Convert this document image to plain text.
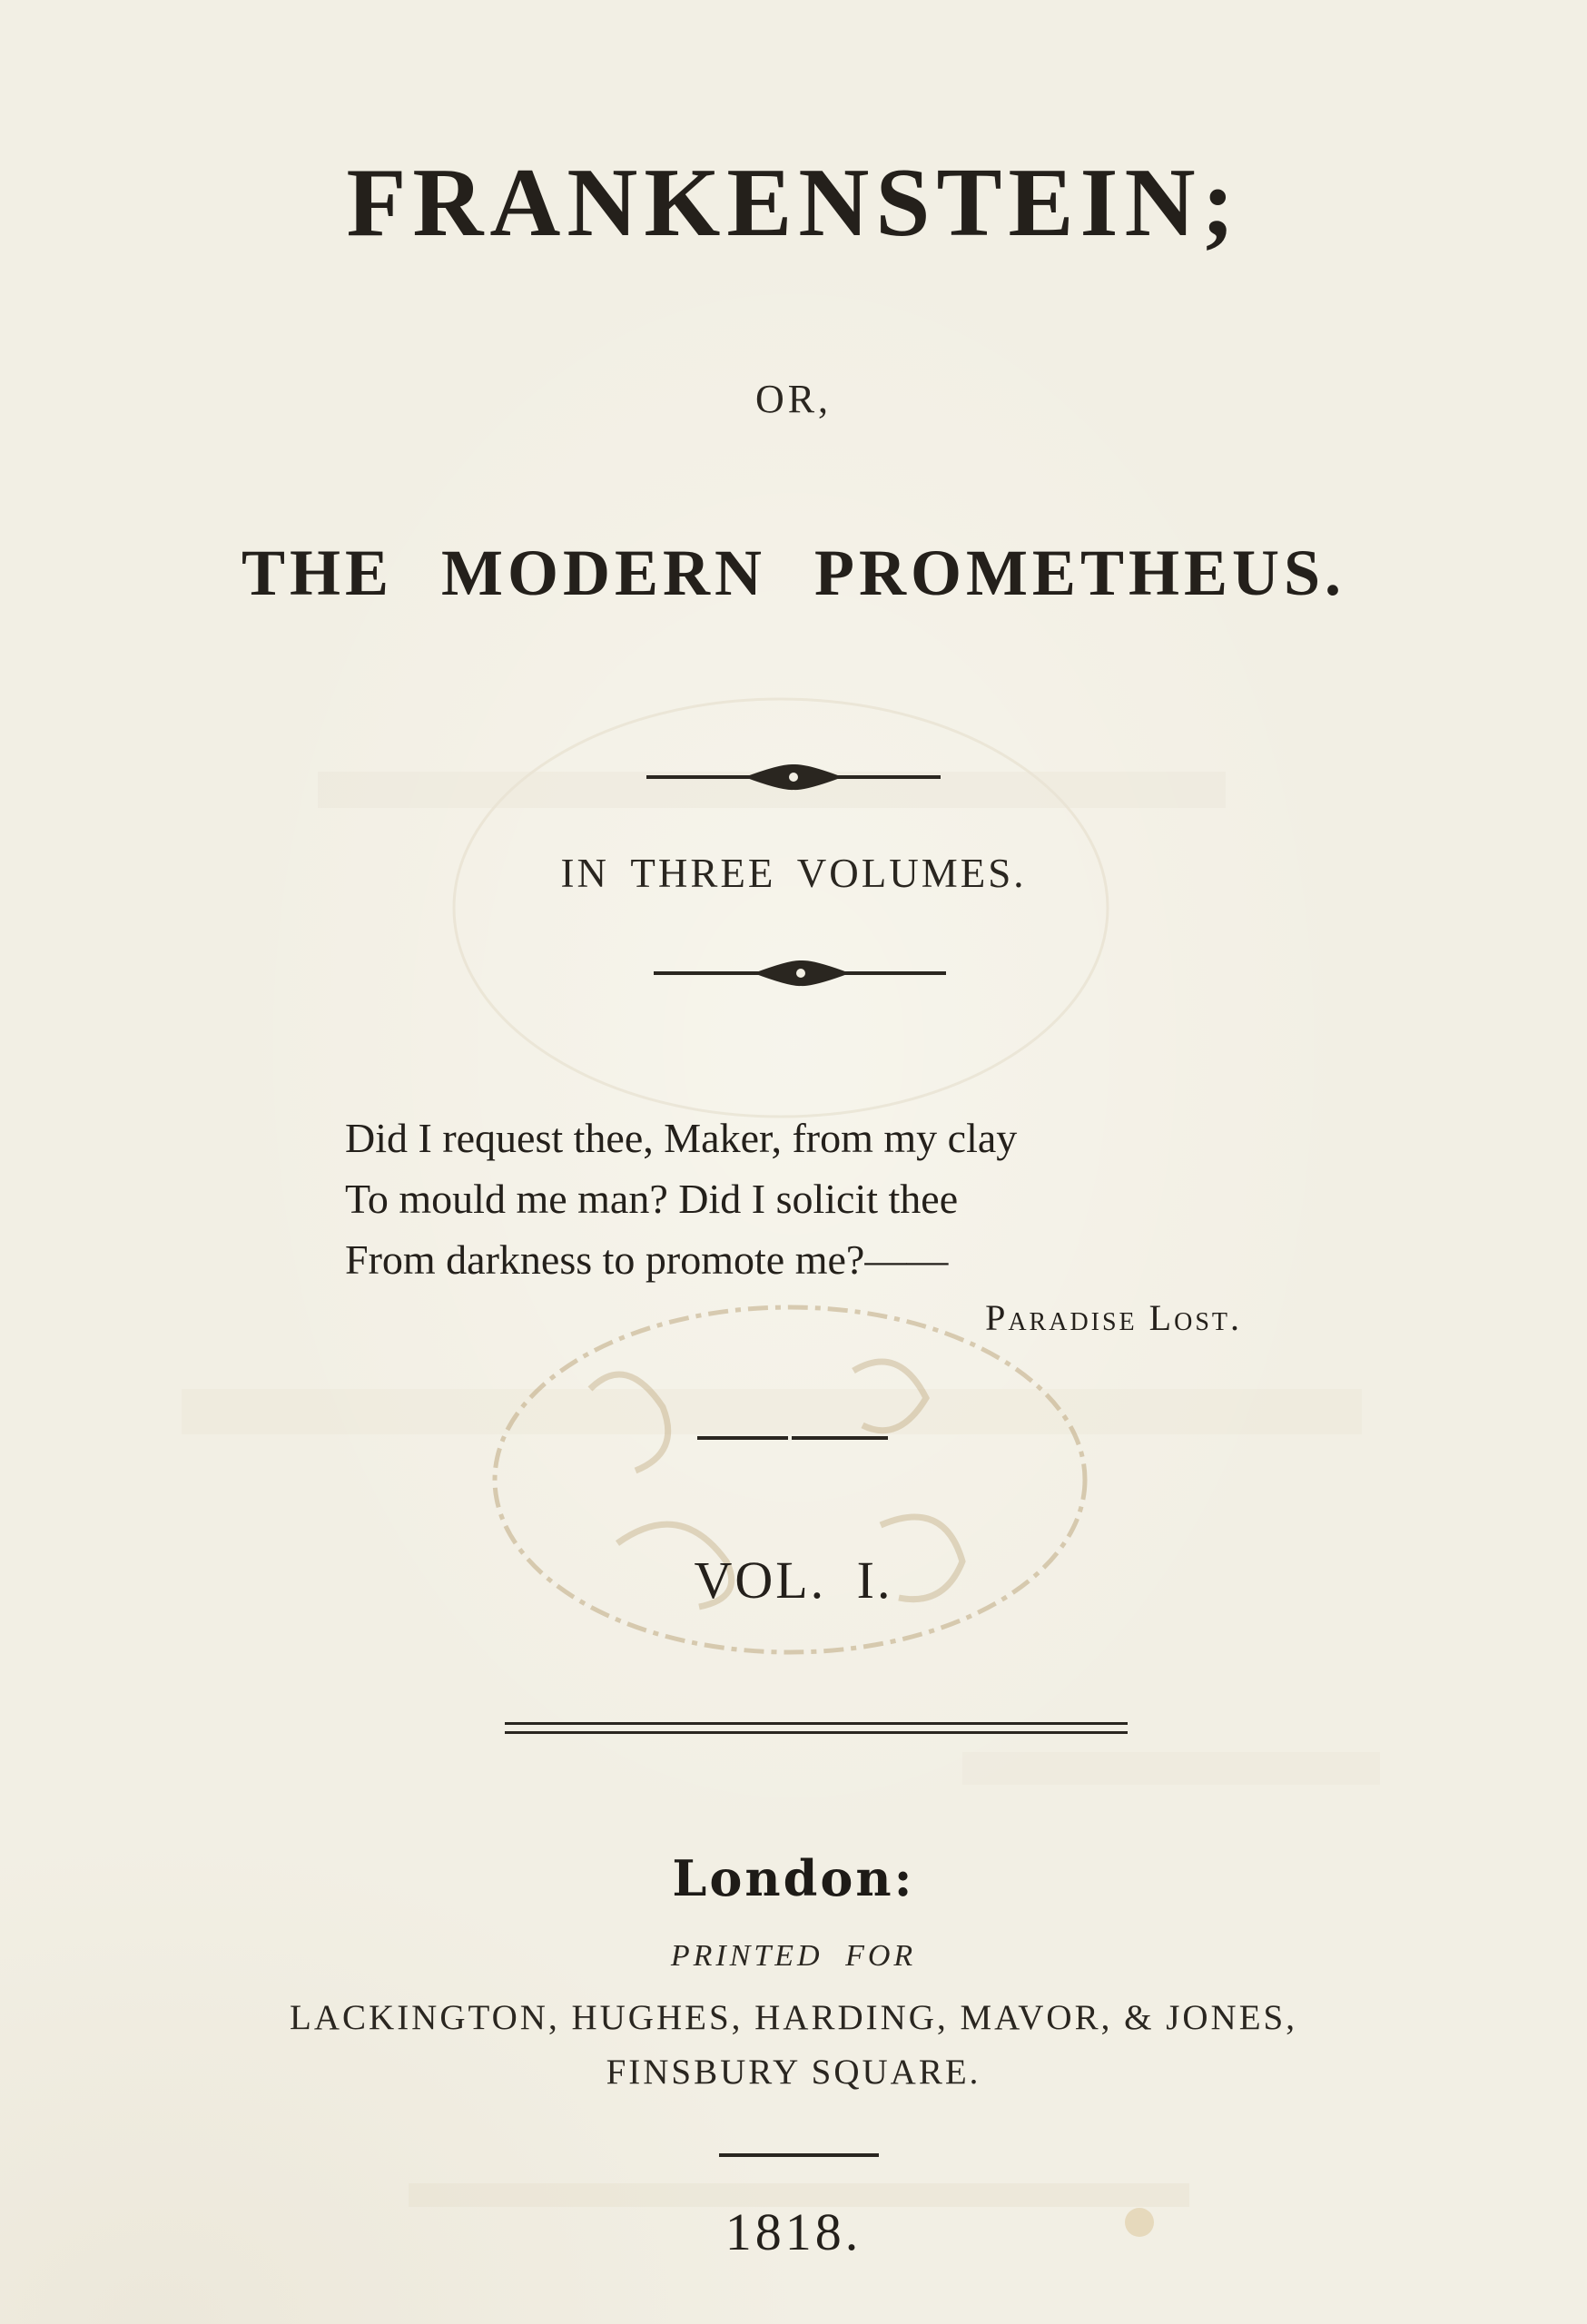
FRANKENSTEIN;
OR,
THE MODERN PROMETHEUS.
IN THREE VOLUMES.
Did I request thee, Maker, from my clay
To mould me man? Did I solicit thee
From darkness to promote me?——
Paradise Lost.
VOL. I.
London:
PRINTED FOR
LACKINGTON, HUGHES, HARDING, MAVOR, & JONES,
FINSBURY SQUARE.
1818.
